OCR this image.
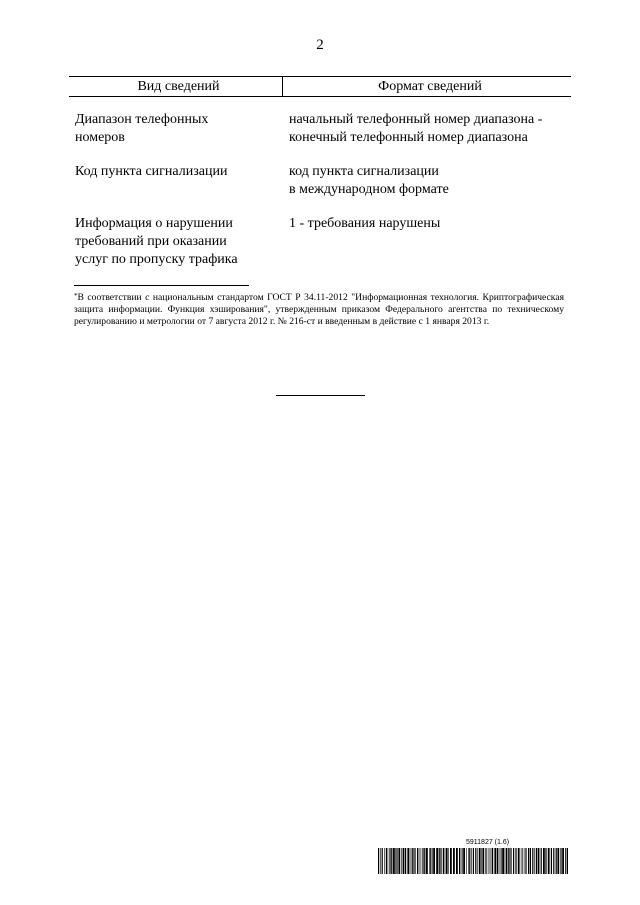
2
Вид сведений	Формат сведений
Диапазон телефонных
номеров
начальный телефонный номер диапазона -
конечный телефонный номер диапазона
Код пункта сигнализации	код пункта сигнализации
в международном формате
Информация о нарушении
требований при оказании
услуг по пропуску трафика
1 - требования нарушены
*В соответствии с национальным стандартом ГОСТ Р 34.11-2012 "Информационная технология. Криптографическая защита информации. Функция хэширования", утвержденным приказом Федерального агентства по техническому регулированию и метрологии от 7 августа 2012 г. № 216-ст и введенным в действие с 1 января 2013 г.
5911827 (1.6)
